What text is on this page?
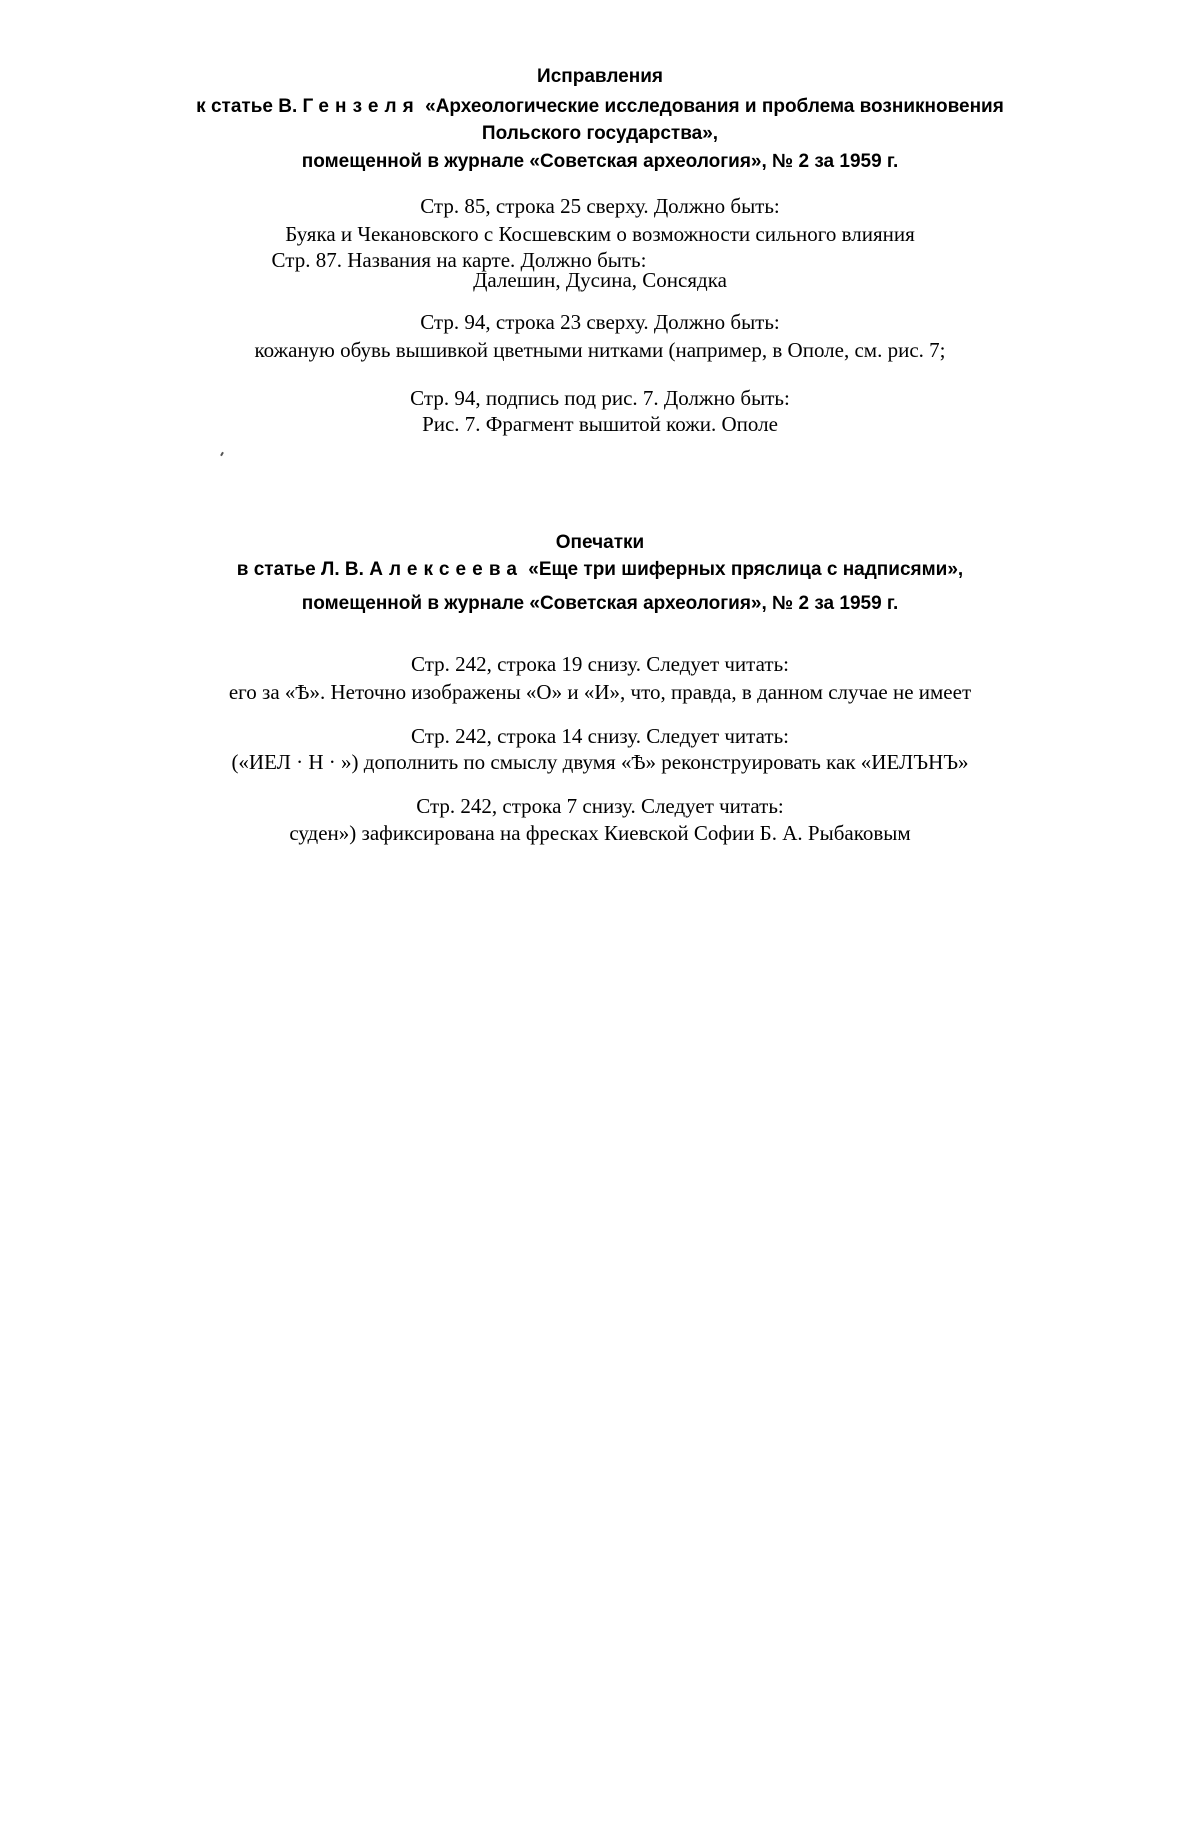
Исправления
к статье В. Гензеля «Археологические исследования и проблема возникновения
Польского государства»,
помещенной в журнале «Советская археология», № 2 за 1959 г.
Стр. 85, строка 25 сверху. Должно быть:
Буяка и Чекановского с Косшевским о возможности сильного влияния
Стр. 87. Названия на карте. Должно быть:
Далешин, Дусина, Сонсядка
Стр. 94, строка 23 сверху. Должно быть:
кожаную обувь вышивкой цветными нитками (например, в Ополе, см. рис. 7;
Стр. 94, подпись под рис. 7. Должно быть:
Рис. 7. Фрагмент вышитой кожи. Ополе
Опечатки
в статье Л. В. Алексеева «Еще три шиферных пряслица с надписями»,
помещенной в журнале «Советская археология», № 2 за 1959 г.
Стр. 242, строка 19 снизу. Следует читать:
его за «Ѣ». Неточно изображены «О» и «И», что, правда, в данном случае не имеет
Стр. 242, строка 14 снизу. Следует читать:
(«ИЕЛ · Н · ») дополнить по смыслу двумя «Ѣ» реконструировать как «ИЕЛЪНЪ»
Стр. 242, строка 7 снизу. Следует читать:
суден») зафиксирована на фресках Киевской Софии Б. А. Рыбаковым
